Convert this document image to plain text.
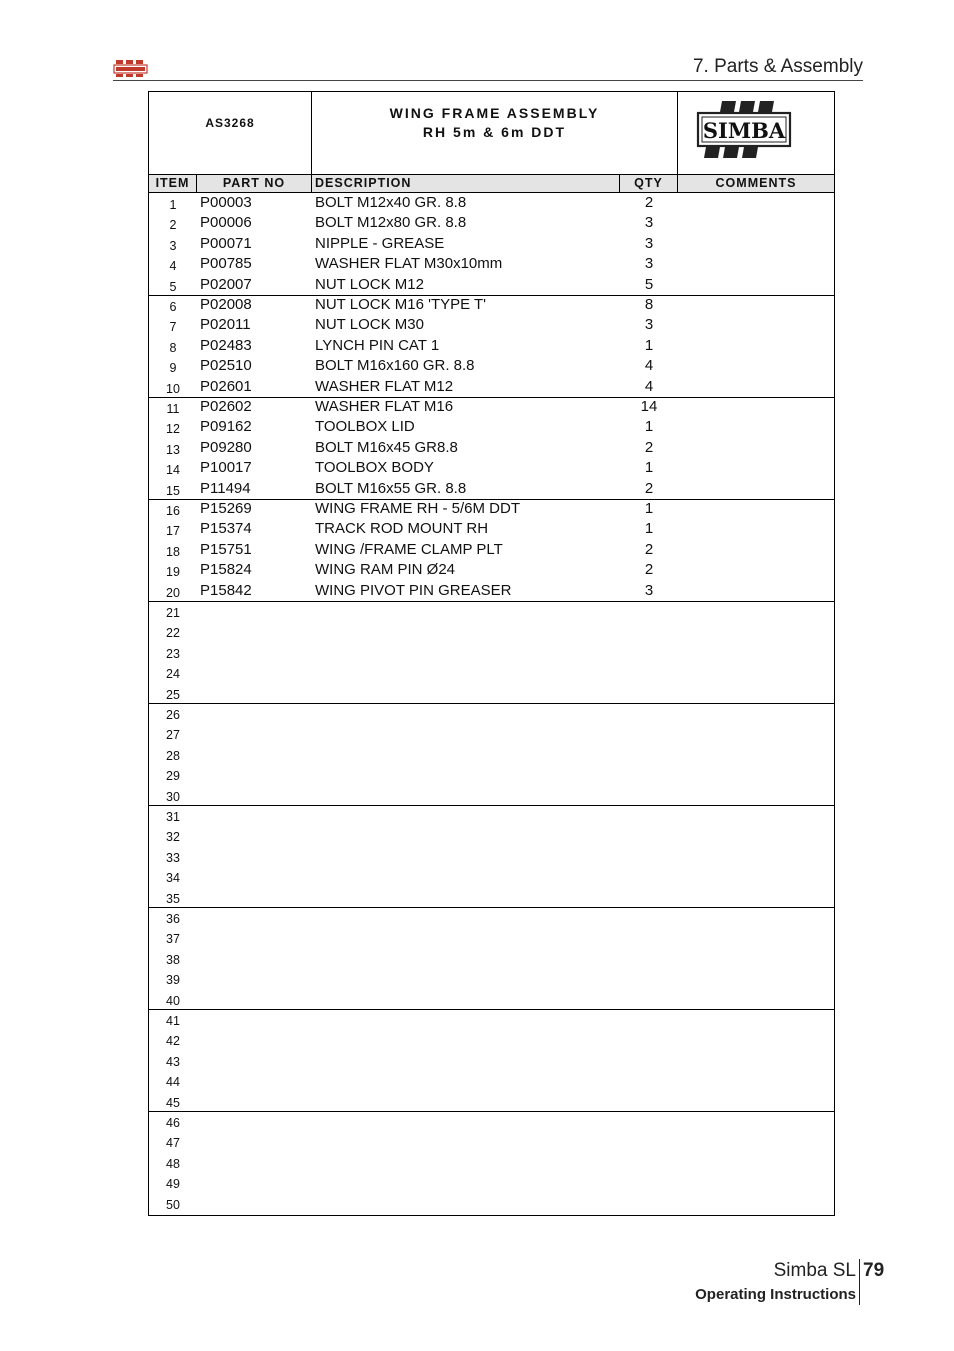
7. Parts & Assembly
AS3268
WING FRAME ASSEMBLY
RH 5m & 6m DDT	SIMBA
ITEM	PART NO	DESCRIPTION	QTY	COMMENTS
1	P00003	BOLT M12x40 GR. 8.8	2
2	P00006	BOLT M12x80 GR. 8.8	3
3	P00071	NIPPLE - GREASE	3
4	P00785	WASHER FLAT M30x10mm	3
5	P02007	NUT LOCK M12	5
6	P02008	NUT LOCK M16 'TYPE T'	8
7	P02011	NUT LOCK M30	3
8	P02483	LYNCH PIN CAT 1	1
9	P02510	BOLT M16x160 GR. 8.8	4
10	P02601	WASHER FLAT M12	4
11	P02602	WASHER FLAT M16	14
12	P09162	TOOLBOX LID	1
13	P09280	BOLT M16x45 GR8.8	2
14	P10017	TOOLBOX BODY	1
15	P11494	BOLT M16x55 GR. 8.8	2
16	P15269	WING FRAME RH - 5/6M DDT	1
17	P15374	TRACK ROD MOUNT RH	1
18	P15751	WING /FRAME CLAMP PLT	2
19	P15824	WING RAM PIN Ø24	2
20	P15842	WING PIVOT PIN GREASER	3
21
22
23
24
25
26
27
28
29
30
31
32
33
34
35
36
37
38
39
40
41
42
43
44
45
46
47
48
49
50
Simba SL 79
Operating Instructions
